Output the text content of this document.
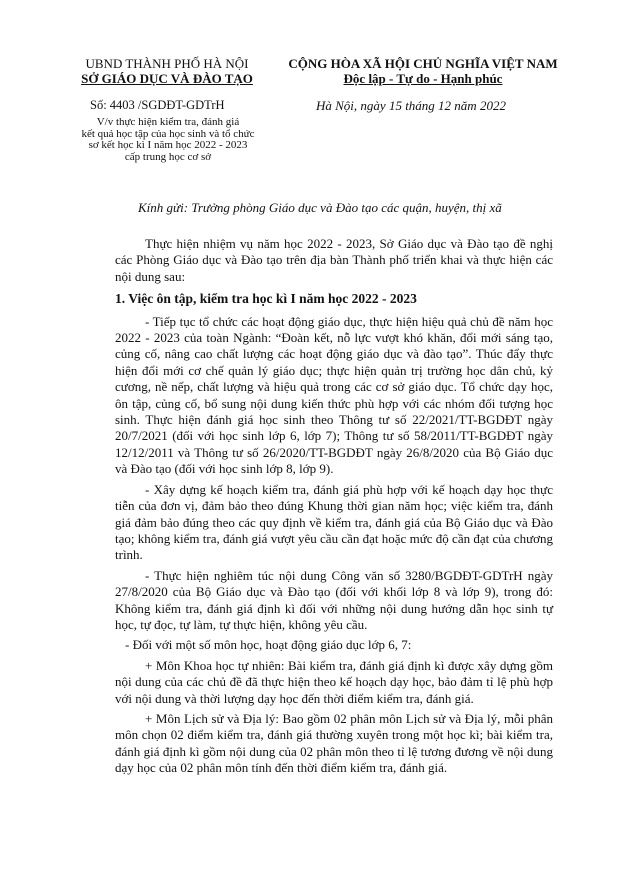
UBND THÀNH PHỐ HÀ NỘI
SỞ GIÁO DỤC VÀ ĐÀO TẠO
CỘNG HÒA XÃ HỘI CHỦ NGHĨA VIỆT NAM
Độc lập - Tự do - Hạnh phúc
Số: 4403 /SGDĐT-GDTrH	Hà Nội, ngày 15 tháng 12 năm 2022
V/v thực hiện kiểm tra, đánh giá
kết quả học tập của học sinh và tổ chức
sơ kết học kì I năm học 2022 - 2023
cấp trung học cơ sở
Kính gửi: Trưởng phòng Giáo dục và Đào tạo các quận, huyện, thị xã

Thực hiện nhiệm vụ năm học 2022 - 2023, Sở Giáo dục và Đào tạo đề nghị các Phòng Giáo dục và Đào tạo trên địa bàn Thành phố triển khai và thực hiện các nội dung sau:

1. Việc ôn tập, kiểm tra học kì I năm học 2022 - 2023

- Tiếp tục tổ chức các hoạt động giáo dục, thực hiện hiệu quả chủ đề năm học 2022 - 2023 của toàn Ngành: “Đoàn kết, nỗ lực vượt khó khăn, đổi mới sáng tạo, củng cố, nâng cao chất lượng các hoạt động giáo dục và đào tạo”. Thúc đẩy thực hiện đổi mới cơ chế quản lý giáo dục; thực hiện quản trị trường học dân chủ, kỷ cương, nề nếp, chất lượng và hiệu quả trong các cơ sở giáo dục. Tổ chức dạy học, ôn tập, củng cố, bổ sung nội dung kiến thức phù hợp với các nhóm đối tượng học sinh. Thực hiện đánh giá học sinh theo Thông tư số 22/2021/TT-BGDĐT ngày 20/7/2021 (đối với học sinh lớp 6, lớp 7); Thông tư số 58/2011/TT-BGDĐT ngày 12/12/2011 và Thông tư số 26/2020/TT-BGDĐT ngày 26/8/2020 của Bộ Giáo dục và Đào tạo (đối với học sinh lớp 8, lớp 9).

- Xây dựng kế hoạch kiểm tra, đánh giá phù hợp với kế hoạch dạy học thực tiễn của đơn vị, đảm bảo theo đúng Khung thời gian năm học; việc kiểm tra, đánh giá đảm bảo đúng theo các quy định về kiểm tra, đánh giá của Bộ Giáo dục và Đào tạo; không kiểm tra, đánh giá vượt yêu cầu cần đạt hoặc mức độ cần đạt của chương trình.

- Thực hiện nghiêm túc nội dung Công văn số 3280/BGDĐT-GDTrH ngày 27/8/2020 của Bộ Giáo dục và Đào tạo (đối với khối lớp 8 và lớp 9), trong đó: Không kiểm tra, đánh giá định kì đối với những nội dung hướng dẫn học sinh tự học, tự đọc, tự làm, tự thực hiện, không yêu cầu.

- Đối với một số môn học, hoạt động giáo dục lớp 6, 7:

+ Môn Khoa học tự nhiên: Bài kiểm tra, đánh giá định kì được xây dựng gồm nội dung của các chủ đề đã thực hiện theo kế hoạch dạy học, bảo đảm tỉ lệ phù hợp với nội dung và thời lượng dạy học đến thời điểm kiểm tra, đánh giá.

+ Môn Lịch sử và Địa lý: Bao gồm 02 phân môn Lịch sử và Địa lý, mỗi phân môn chọn 02 điểm kiểm tra, đánh giá thường xuyên trong một học kì; bài kiểm tra, đánh giá định kì gồm nội dung của 02 phân môn theo tỉ lệ tương đương về nội dung dạy học của 02 phân môn tính đến thời điểm kiểm tra, đánh giá.
